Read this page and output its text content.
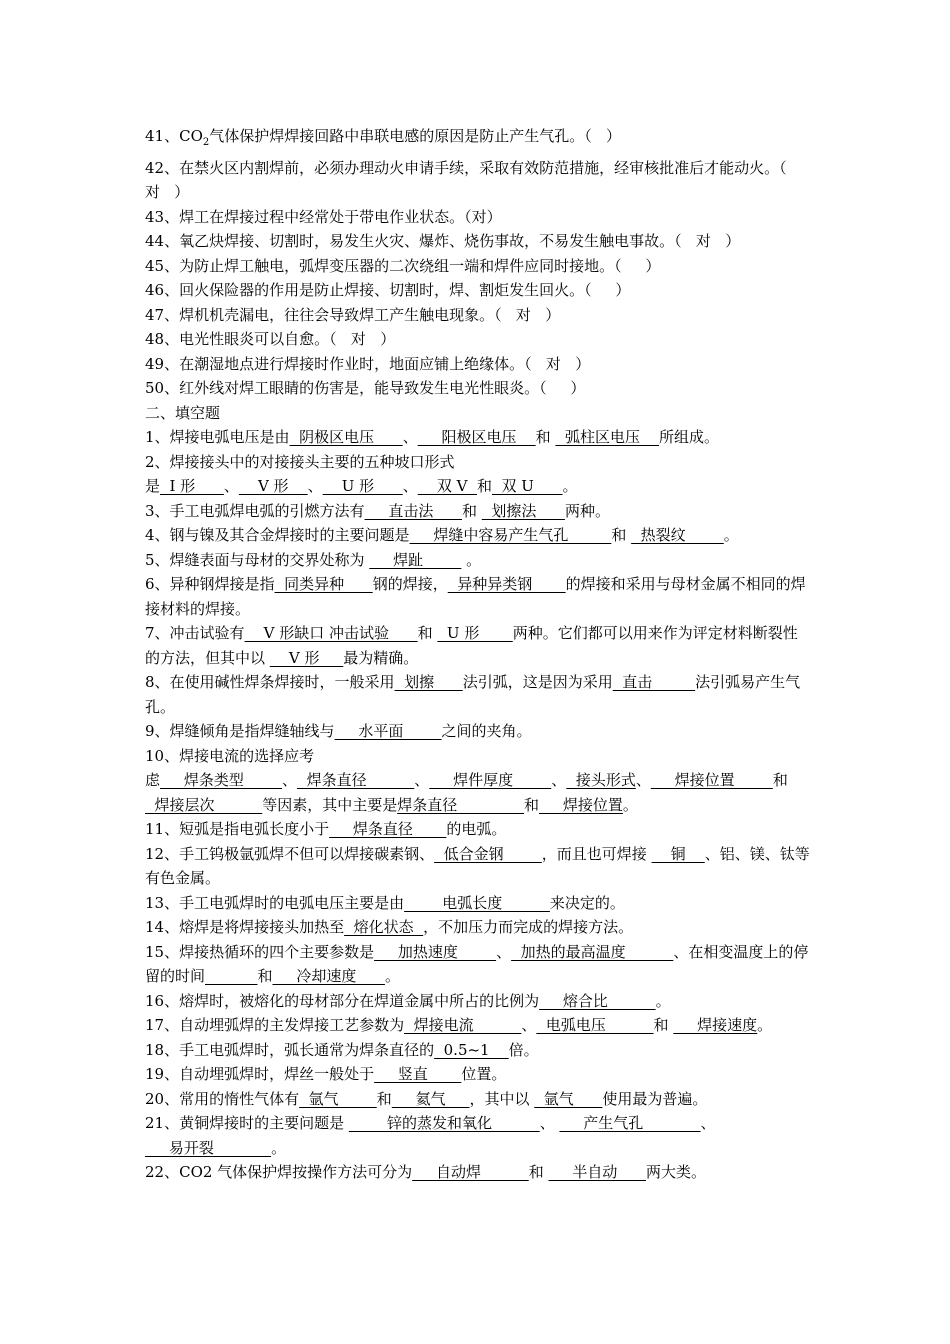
41、$CO_2$气体保护焊焊接回路中串联电感的原因是防止产生气孔。（   ）
42、在禁火区内割焊前，必须办理动火申请手续，采取有效防范措施，经审核批准后才能动火。（   对   ）
43、焊工在焊接过程中经常处于带电作业状态。（对）
44、氧乙炔焊接、切割时，易发生火灾、爆炸、烧伤事故，不易发生触电事故。（   对   ）
45、为防止焊工触电，弧焊变压器的二次绕组一端和焊件应同时接地。（     ）
46、回火保险器的作用是防止焊接、切割时，焊、割炬发生回火。（     ）
47、焊机机壳漏电，往往会导致焊工产生触电现象。（   对   ）
48、电光性眼炎可以自愈。（   对   ）
49、在潮湿地点进行焊接时作业时，地面应铺上绝缘体。（   对   ）
50、红外线对焊工眼睛的伤害是，能导致发生电光性眼炎。（     ）
二、填空题
1、焊接电弧电压是由  阴极区电压      、     阳极区电压    和   弧柱区电压    所组成。
2、焊接接头中的对接接头主要的五种坡口形式是  I 形      、    V 形    、    U 形      、    双 V  和  双 U      。
3、手工电弧焊电弧的引燃方法有     直击法      和   划擦法      两种。
4、钢与镍及其合金焊接时的主要问题是     焊缝中容易产生气孔         和   热裂纹        。
5、焊缝表面与母材的交界处称为      焊趾         。
6、异种钢焊接是指  同类异种      钢的焊接，  异种异类钢       的焊接和采用与母材金属不相同的焊接材料的焊接。
7、冲击试验有    V 形缺口 冲击试验      和   U 形       两种。它们都可以用来作为评定材料断裂性的方法，但其中以     V 形     最为精确。
8、在使用碱性焊条焊接时，一般采用  划擦      法引弧，这是因为采用  直击         法引弧易产生气孔。
9、焊缝倾角是指焊缝轴线与     水平面        之间的夹角。
10、焊接电流的选择应考虑     焊条类型        、  焊条直径          、     焊件厚度        、  接头形式、     焊接位置        和   焊接层次          等因素，其中主要是焊条直径              和     焊接位置。
11、短弧是指电弧长度小于     焊条直径       的电弧。
12、手工钨极氩弧焊不但可以焊接碳素钢、  低合金钢        ，而且也可焊接     铜    、铝、镁、钛等有色金属。
13、手工电弧焊时的电弧电压主要是由        电弧长度          来决定的。
14、熔焊是将焊接接头加热至  熔化状态  ，不加压力而完成的焊接方法。
15、焊接热循环的四个主要参数是     加热速度        、  加热的最高温度          、在相变温度上的停留的时间	和     冷却速度      。
16、熔焊时，被熔化的母材部分在焊道金属中所占的比例为     熔合比          。
17、自动埋弧焊的主发焊接工艺参数为  焊接电流          、  电弧电压          和      焊接速度。
18、手工电弧焊时，弧长通常为焊条直径的  0.5~1    倍。
19、自动埋弧焊时，焊丝一般处于     竖直       位置。
20、常用的惰性气体有  氩气        和     氦气     ，其中以   氩气      使用最为普遍。
21、黄铜焊接时的主要问题是         锌的蒸发和氧化          、      产生气孔            、      易开裂            。
22、CO2 气体保护焊按操作方法可分为     自动焊          和      半自动      两大类。
